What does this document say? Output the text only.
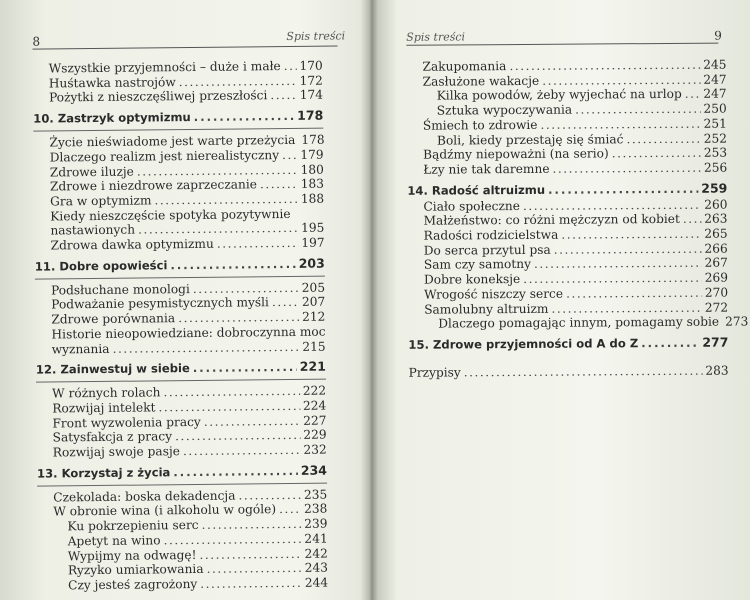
8	Spis treści
Wszystkie przyjemności – duże i małe ..... 170
Huśtawka nastrojów .....	172
Pożytki z nieszczęśliwej przeszłości .....	174
10. Zastrzyk optymizmu .....	178
Życie nieświadome jest warte przeżycia ..... 178
Dlaczego realizm jest nierealistyczny ..... 179
Zdrowe iluzje .....	180
Zdrowe i niezdrowe zaprzeczanie .....	183
Gra w optymizm .....	188
Kiedy nieszczęście spotyka pozytywnie
nastawionych .....	195
Zdrowa dawka optymizmu .....	197
11. Dobre opowieści .....	203
Podsłuchane monologi .....	205
Podważanie pesymistycznych myśli .....	207
Zdrowe porównania .....	212
Historie nieopowiedziane: dobroczynna moc
wyznania .....	215
12. Zainwestuj w siebie .....	221
W różnych rolach .....	222
Rozwijaj intelekt .....	224
Front wyzwolenia pracy .....	227
Satysfakcja z pracy .....	229
Rozwijaj swoje pasje .....	232
13. Korzystaj z życia .....	234
Czekolada: boska dekadencja .....	235
W obronie wina (i alkoholu w ogóle) ..... 238
Ku pokrzepieniu serc .....	239
Apetyt na wino .....	241
Wypijmy na odwagę! .....	242
Ryzyko umiarkowania .....	243
Czy jesteś zagrożony .....	244
9
Spis treści
Zakupomania .....	245
Zasłużone wakacje .....	247
Kilka powodów, żeby wyjechać na urlop ..... 247
Sztuka wypoczywania .....	250
Śmiech to zdrowie .....	251
Boli, kiedy przestaję się śmiać .....	252
Bądźmy niepoważni (na serio) .....	253
Łzy nie tak daremne .....	256
14. Radość altruizmu .....	259
Ciało społeczne .....	260
Małżeństwo: co różni mężczyzn od kobiet ..... 263
Radości rodzicielstwa .....	265
Do serca przytul psa .....	266
Sam czy samotny .....	267
Dobre koneksje .....	269
Wrogość niszczy serce .....	270
Samolubny altruizm .....	272
Dlaczego pomagając innym, pomagamy sobie ..... 273
15. Zdrowe przyjemności od A do Z .....	277
Przypisy .....	283
